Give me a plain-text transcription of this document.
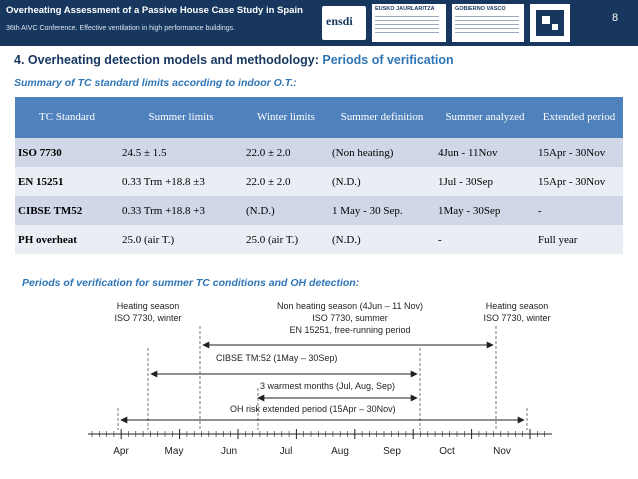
Overheating Assessment of a Passive House Case Study in Spain
36th AIVC Conference. Effective ventilation in high performance buildings.
ensdi
EUSKO JAURLARITZA	GOBIERNO VASCO
8
4. Overheating detection models and methodology: Periods of verification
Summary of TC standard limits according to indoor O.T.:
TC Standard	Summer limits	Winter limits	Summer definition	Summer analyzed	Extended period
ISO 7730	24.5 ± 1.5	22.0 ± 2.0	(Non heating)	4Jun - 11Nov	15Apr - 30Nov
EN 15251	0.33 Trm +18.8 ±3	22.0 ± 2.0	(N.D.)	1Jul - 30Sep	15Apr - 30Nov
CIBSE TM52	0.33 Trm +18.8 +3	(N.D.)	1 May - 30 Sep.	1May - 30Sep	-
PH overheat	25.0 (air T.)	25.0 (air T.)	(N.D.)	-	Full year
Periods of verification for summer TC conditions and OH detection:
Heating season
ISO 7730, winter
Non heating season (4Jun – 11 Nov)
ISO 7730, summer
EN 15251, free-running period
Heating season
ISO 7730, winter
CIBSE TM:52 (1May – 30Sep)
3 warmest months (Jul, Aug, Sep)
OH risk extended period (15Apr – 30Nov)
Apr	May	Jun	Jul	Aug	Sep	Oct	Nov
